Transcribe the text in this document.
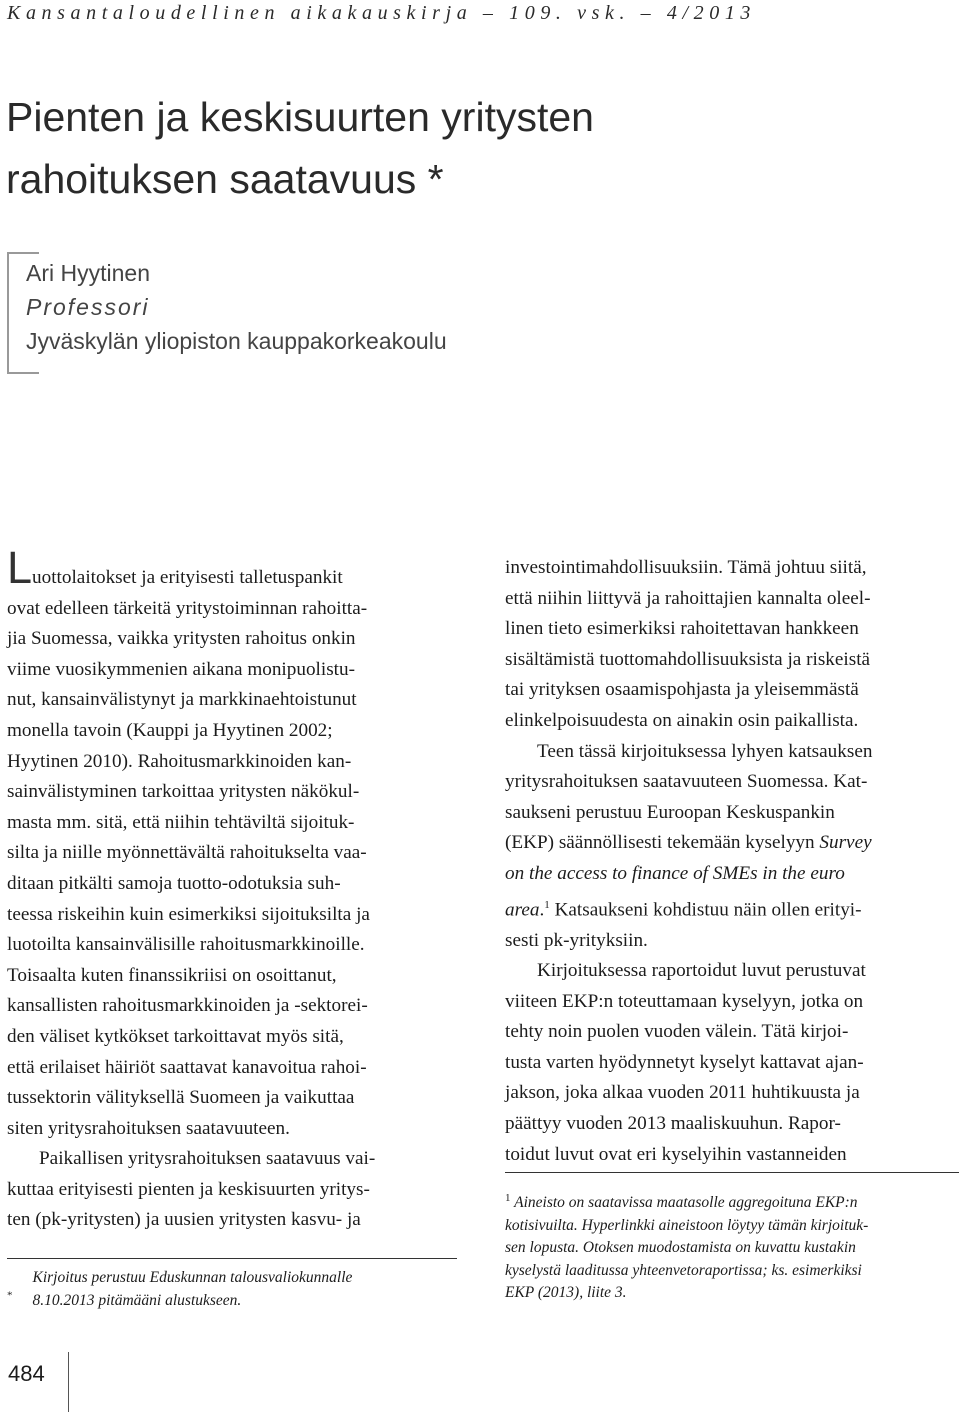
Kansantaloudellinen aikakauskirja – 109. vsk. – 4/2013
Pienten ja keskisuurten yritysten
rahoituksen saatavuus *
Ari Hyytinen
Professori
Jyväskylän yliopiston kauppakorkeakoulu

Luottolaitokset ja erityisesti talletuspankit
ovat edelleen tärkeitä yritystoiminnan rahoitta-
jia Suomessa, vaikka yritysten rahoitus onkin
viime vuosikymmenien aikana monipuolistu-
nut, kansainvälistynyt ja markkinaehtoistunut
monella tavoin (Kauppi ja Hyytinen 2002;
Hyytinen 2010). Rahoitusmarkkinoiden kan-
sainvälistyminen tarkoittaa yritysten näkökul-
masta mm. sitä, että niihin tehtäviltä sijoituk-
silta ja niille myönnettävältä rahoitukselta vaa-
ditaan pitkälti samoja tuotto-odotuksia suh-
teessa riskeihin kuin esimerkiksi sijoituksilta ja
luotoilta kansainvälisille rahoitusmarkkinoille.
Toisaalta kuten finanssikriisi on osoittanut,
kansallisten rahoitusmarkkinoiden ja -sektorei-
den väliset kytkökset tarkoittavat myös sitä,
että erilaiset häiriöt saattavat kanavoitua rahoi-
tussektorin välityksellä Suomeen ja vaikuttaa
siten yritysrahoituksen saatavuuteen.

Paikallisen yritysrahoituksen saatavuus vai-
kuttaa erityisesti pienten ja keskisuurten yritys-
ten (pk-yritysten) ja uusien yritysten kasvu- ja

investointimahdollisuuksiin. Tämä johtuu siitä,
että niihin liittyvä ja rahoittajien kannalta oleel-
linen tieto esimerkiksi rahoitettavan hankkeen
sisältämistä tuottomahdollisuuksista ja riskeistä
tai yrityksen osaamispohjasta ja yleisemmästä
elinkelpoisuudesta on ainakin osin paikallista.

Teen tässä kirjoituksessa lyhyen katsauksen
yritysrahoituksen saatavuuteen Suomessa. Kat-
saukseni perustuu Euroopan Keskuspankin
(EKP) säännöllisesti tekemään kyselyyn Survey
on the access to finance of SMEs in the euro
area.$^1$ Katsaukseni kohdistuu näin ollen erityi-
sesti pk-yrityksiin.

Kirjoituksessa raportoidut luvut perustuvat
viiteen EKP:n toteuttamaan kyselyyn, jotka on
tehty noin puolen vuoden välein. Tätä kirjoi-
tusta varten hyödynnetyt kyselyt kattavat ajan-
jakson, joka alkaa vuoden 2011 huhtikuusta ja
päättyy vuoden 2013 maaliskuuhun. Rapor-
toidut luvut ovat eri kyselyihin vastanneiden

*Kirjoitus perustuu Eduskunnan talousvaliokunnalle
8.10.2013 pitämääni alustukseen.

$^1$ Aineisto on saatavissa maatasolle aggregoituna EKP:n
kotisivuilta. Hyperlinkki aineistoon löytyy tämän kirjoituk-
sen lopusta. Otoksen muodostamista on kuvattu kustakin
kyselystä laaditussa yhteenvetoraportissa; ks. esimerkiksi
EKP (2013), liite 3.

484
